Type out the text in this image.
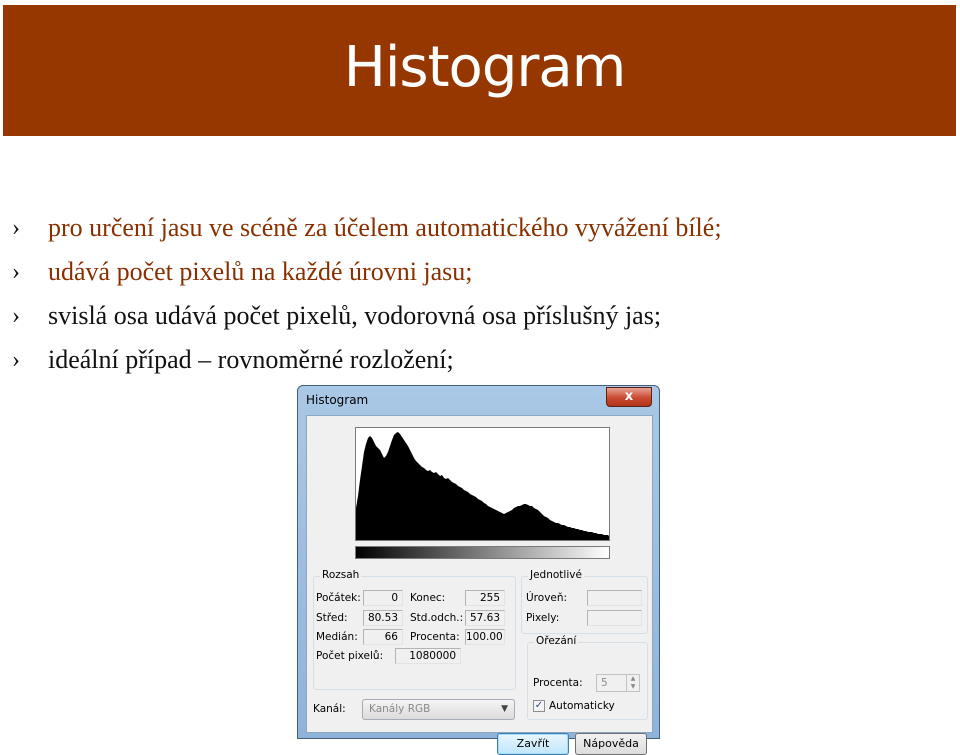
Histogram
› pro určení jasu ve scéně za účelem automatického vyvážení bílé;
› udává počet pixelů na každé úrovni jasu;
› svislá osa udává počet pixelů, vodorovná osa příslušný jas;
› ideální případ – rovnoměrné rozložení;
Histogram	x
Rozsah
Počátek:	0	Konec:	255
Střed:	80.53	Std.odch.: 57.63
Medián:	66	Procenta: 100.00
Počet pixelů:	1080000
Jednotlivé
Úroveň:
Pixely:
Ořezání
Procenta:	5	▲
▼
✓ Automaticky
Kanál:	Kanály RGB	▼
Zavřít	Nápověda
